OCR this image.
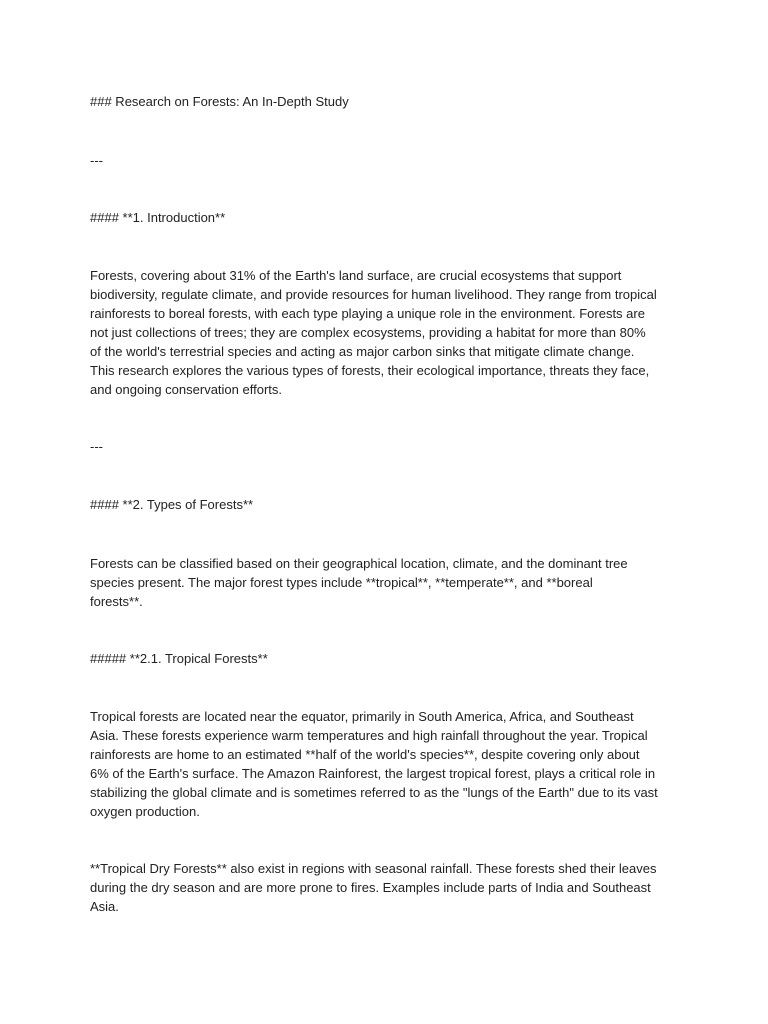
### Research on Forests: An In-Depth Study
---
#### **1. Introduction**
Forests, covering about 31% of the Earth's land surface, are crucial ecosystems that support
biodiversity, regulate climate, and provide resources for human livelihood. They range from tropical
rainforests to boreal forests, with each type playing a unique role in the environment. Forests are
not just collections of trees; they are complex ecosystems, providing a habitat for more than 80%
of the world's terrestrial species and acting as major carbon sinks that mitigate climate change.
This research explores the various types of forests, their ecological importance, threats they face,
and ongoing conservation efforts.
---
#### **2. Types of Forests**
Forests can be classified based on their geographical location, climate, and the dominant tree
species present. The major forest types include **tropical**, **temperate**, and **boreal
forests**.
##### **2.1. Tropical Forests**
Tropical forests are located near the equator, primarily in South America, Africa, and Southeast
Asia. These forests experience warm temperatures and high rainfall throughout the year. Tropical
rainforests are home to an estimated **half of the world's species**, despite covering only about
6% of the Earth's surface. The Amazon Rainforest, the largest tropical forest, plays a critical role in
stabilizing the global climate and is sometimes referred to as the "lungs of the Earth" due to its vast
oxygen production.
**Tropical Dry Forests** also exist in regions with seasonal rainfall. These forests shed their leaves
during the dry season and are more prone to fires. Examples include parts of India and Southeast
Asia.
